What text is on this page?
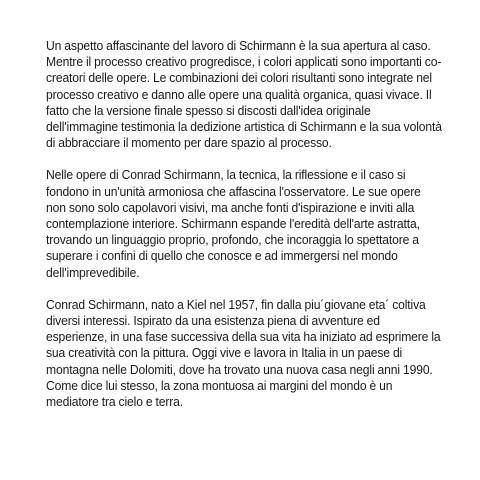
Un aspetto affascinante del lavoro di Schirmann è la sua apertura al caso. Mentre il processo creativo progredisce, i colori applicati sono importanti co-creatori delle opere. Le combinazioni dei colori risultanti sono integrate nel processo creativo e danno alle opere una qualità organica, quasi vivace. Il fatto che la versione finale spesso si discosti dall'idea originale dell'immagine testimonia la dedizione artistica di Schirmann e la sua volontà di abbracciare il momento per dare spazio al processo.

Nelle opere di Conrad Schirmann, la tecnica, la riflessione e il caso si fondono in un'unità armoniosa che affascina l'osservatore. Le sue opere non sono solo capolavori visivi, ma anche fonti d'ispirazione e inviti alla contemplazione interiore. Schirmann espande l'eredità dell'arte astratta, trovando un linguaggio proprio, profondo, che incoraggia lo spettatore a superare i confini di quello che conosce e ad immergersi nel mondo dell'imprevedibile.

Conrad Schirmann, nato a Kiel nel 1957, fin dalla piu´giovane eta´ coltiva diversi interessi. Ispirato da una esistenza piena di avventure ed esperienze, in una fase successiva della sua vita ha iniziato ad esprimere la sua creatività con la pittura. Oggi vive e lavora in Italia in un paese di montagna nelle Dolomiti, dove ha trovato una nuova casa negli anni 1990. Come dice lui stesso, la zona montuosa ai margini del mondo è un mediatore tra cielo e terra.
